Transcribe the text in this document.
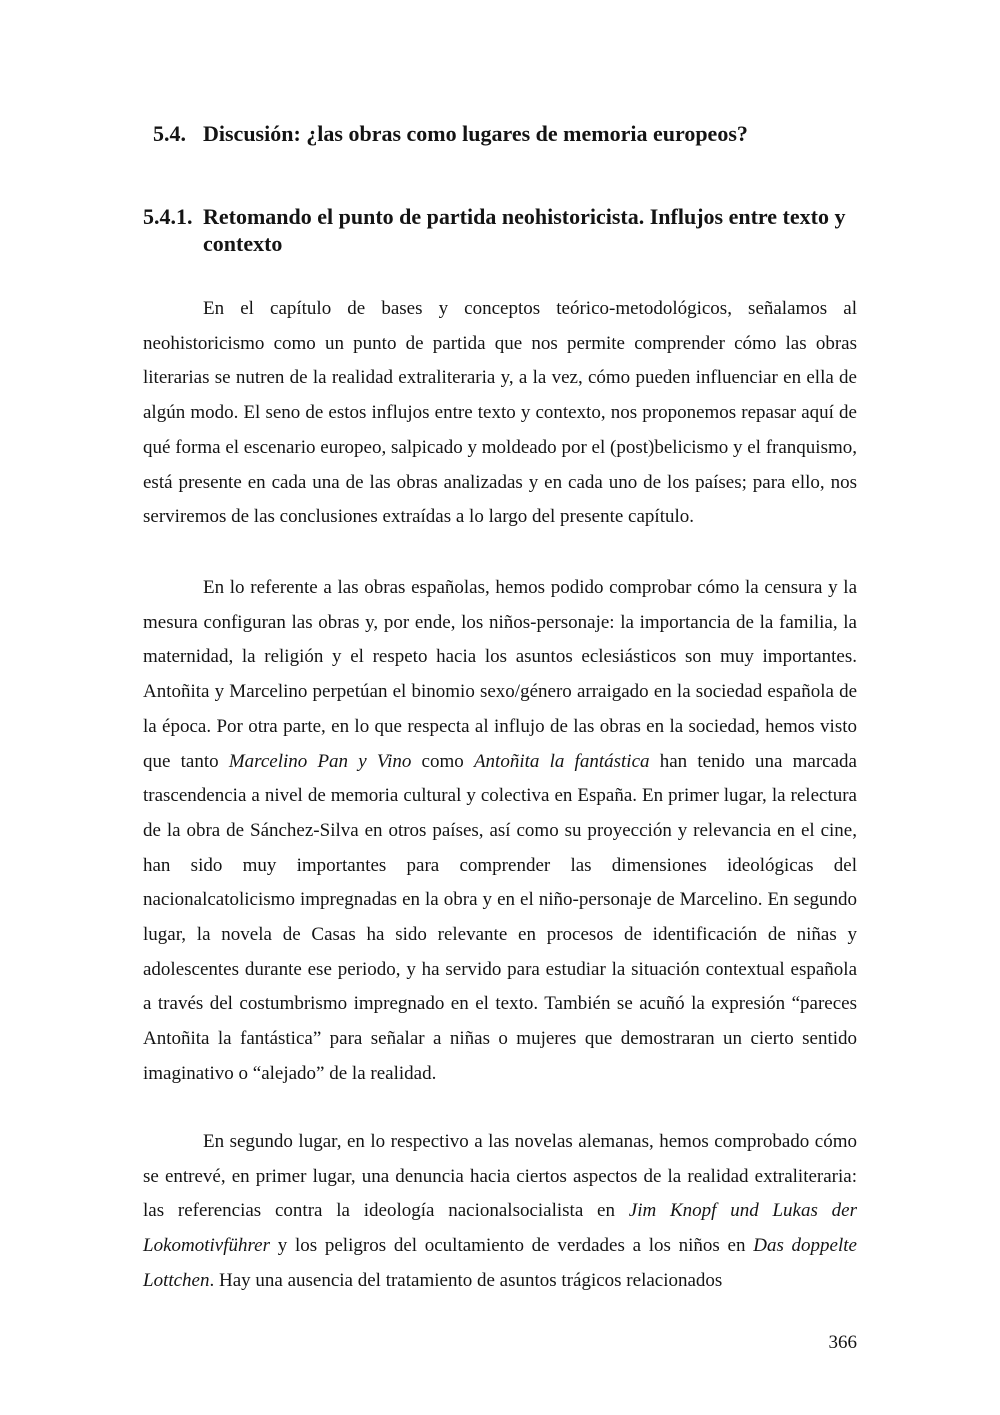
5.4. Discusión: ¿las obras como lugares de memoria europeos?
5.4.1. Retomando el punto de partida neohistoricista. Influjos entre texto y contexto

En el capítulo de bases y conceptos teórico-metodológicos, señalamos al neohistoricismo como un punto de partida que nos permite comprender cómo las obras literarias se nutren de la realidad extraliteraria y, a la vez, cómo pueden influenciar en ella de algún modo. El seno de estos influjos entre texto y contexto, nos proponemos repasar aquí de qué forma el escenario europeo, salpicado y moldeado por el (post)belicismo y el franquismo, está presente en cada una de las obras analizadas y en cada uno de los países; para ello, nos serviremos de las conclusiones extraídas a lo largo del presente capítulo.

En lo referente a las obras españolas, hemos podido comprobar cómo la censura y la mesura configuran las obras y, por ende, los niños-personaje: la importancia de la familia, la maternidad, la religión y el respeto hacia los asuntos eclesiásticos son muy importantes. Antoñita y Marcelino perpetúan el binomio sexo/género arraigado en la sociedad española de la época. Por otra parte, en lo que respecta al influjo de las obras en la sociedad, hemos visto que tanto Marcelino Pan y Vino como Antoñita la fantástica han tenido una marcada trascendencia a nivel de memoria cultural y colectiva en España. En primer lugar, la relectura de la obra de Sánchez-Silva en otros países, así como su proyección y relevancia en el cine, han sido muy importantes para comprender las dimensiones ideológicas del nacionalcatolicismo impregnadas en la obra y en el niño-personaje de Marcelino. En segundo lugar, la novela de Casas ha sido relevante en procesos de identificación de niñas y adolescentes durante ese periodo, y ha servido para estudiar la situación contextual española a través del costumbrismo impregnado en el texto. También se acuñó la expresión “pareces Antoñita la fantástica” para señalar a niñas o mujeres que demostraran un cierto sentido imaginativo o “alejado” de la realidad.

En segundo lugar, en lo respectivo a las novelas alemanas, hemos comprobado cómo se entrevé, en primer lugar, una denuncia hacia ciertos aspectos de la realidad extraliteraria: las referencias contra la ideología nacionalsocialista en Jim Knopf und Lukas der Lokomotivführer y los peligros del ocultamiento de verdades a los niños en Das doppelte Lottchen. Hay una ausencia del tratamiento de asuntos trágicos relacionados

366
